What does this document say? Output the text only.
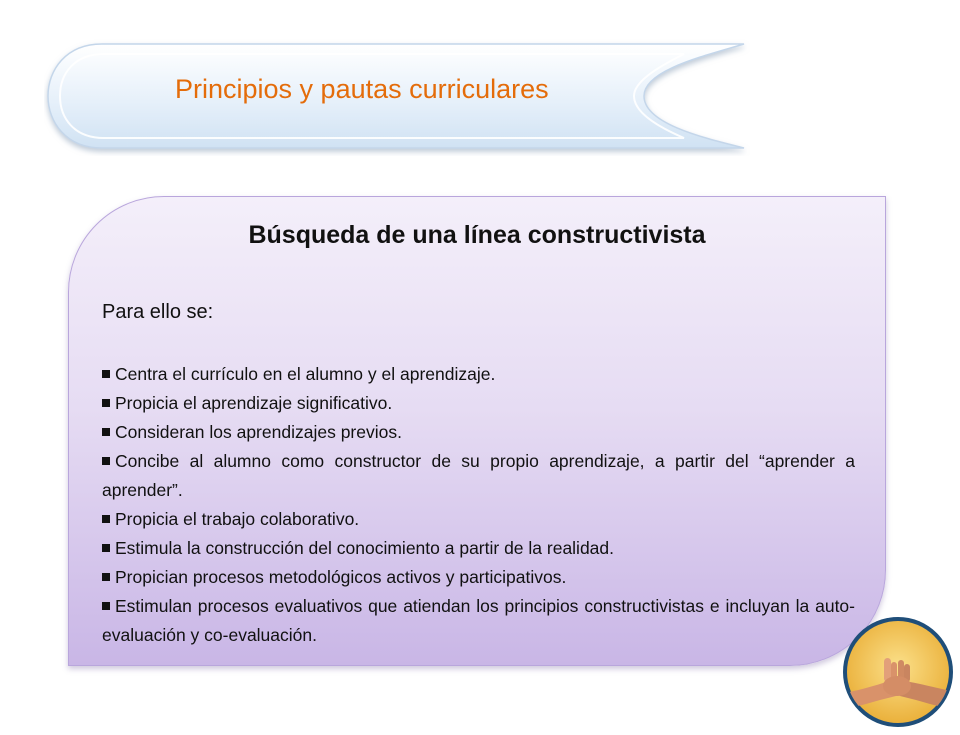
Principios y pautas curriculares
Búsqueda de una línea constructivista
Para ello se:
Centra el currículo en el alumno y el aprendizaje.
Propicia el aprendizaje significativo.
Consideran los aprendizajes previos.
Concibe al alumno como constructor de su propio aprendizaje, a partir del “aprender a aprender”.
Propicia el trabajo colaborativo.
Estimula la construcción del conocimiento a partir de la realidad.
Propician procesos metodológicos activos y participativos.
Estimulan procesos evaluativos que atiendan los principios constructivistas e incluyan la auto-evaluación y co-evaluación.
